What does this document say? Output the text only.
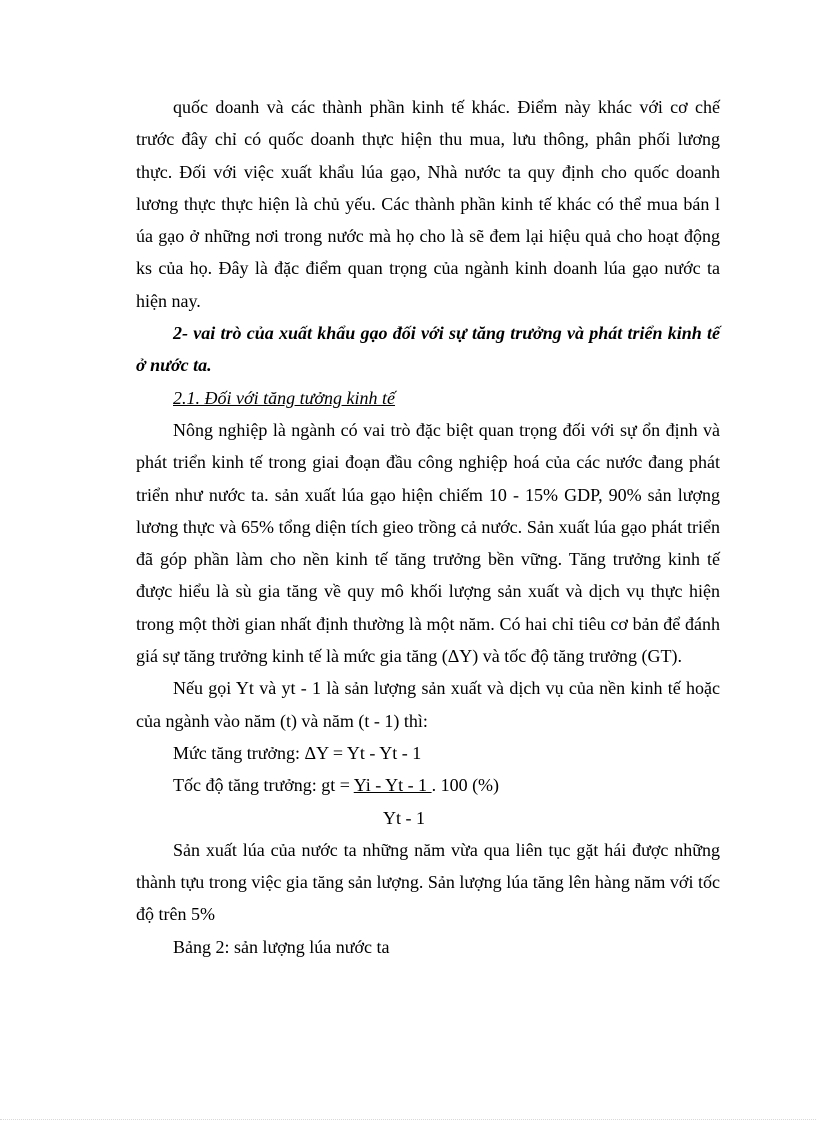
quốc doanh và các thành phần kinh tế khác. Điểm này khác với cơ chế trước đây chỉ có quốc doanh thực hiện thu mua, lưu thông, phân phối lương thực. Đối với việc xuất khẩu lúa gạo, Nhà nước ta quy định cho quốc doanh lương thực thực hiện là chủ yếu. Các thành phần kinh tế khác có thể mua bán l úa gạo ở những nơi trong nước mà họ cho là sẽ đem lại hiệu quả cho hoạt động ks của họ. Đây là đặc điểm quan trọng của ngành kinh doanh lúa gạo nước ta hiện nay.

2- vai trò của xuất khẩu gạo đối với sự tăng trưởng và phát triển kinh tế ở nước ta.

2.1. Đối với tăng tưởng kinh tế

Nông nghiệp là ngành có vai trò đặc biệt quan trọng đối với sự ổn định và phát triển kinh tế trong giai đoạn đầu công nghiệp hoá của các nước đang phát triển như nước ta. sản xuất lúa gạo hiện chiếm 10 - 15% GDP, 90% sản lượng lương thực và 65% tổng diện tích gieo trồng cả nước. Sản xuất lúa gạo phát triển đã góp phần làm cho nền kinh tế tăng trưởng bền vững. Tăng trưởng kinh tế được hiểu là sù gia tăng về quy mô khối lượng sản xuất và dịch vụ thực hiện trong một thời gian nhất định thường là một năm. Có hai chỉ tiêu cơ bản để đánh giá sự tăng trưởng kinh tế là mức gia tăng (ΔY) và tốc độ tăng trưởng (GT).

Nếu gọi Yt và yt - 1 là sản lượng sản xuất và dịch vụ của nền kinh tế hoặc của ngành vào năm (t) và năm (t - 1) thì:

Mức tăng trưởng: ΔY = Yt - Yt - 1

Tốc độ tăng trưởng: gt = Yi - Yt - 1 . 100 (%)

Yt - 1

Sản xuất lúa của nước ta những năm vừa qua liên tục gặt hái được những thành tựu trong việc gia tăng sản lượng. Sản lượng lúa tăng lên hàng năm với tốc độ trên 5%

Bảng 2: sản lượng lúa nước ta
